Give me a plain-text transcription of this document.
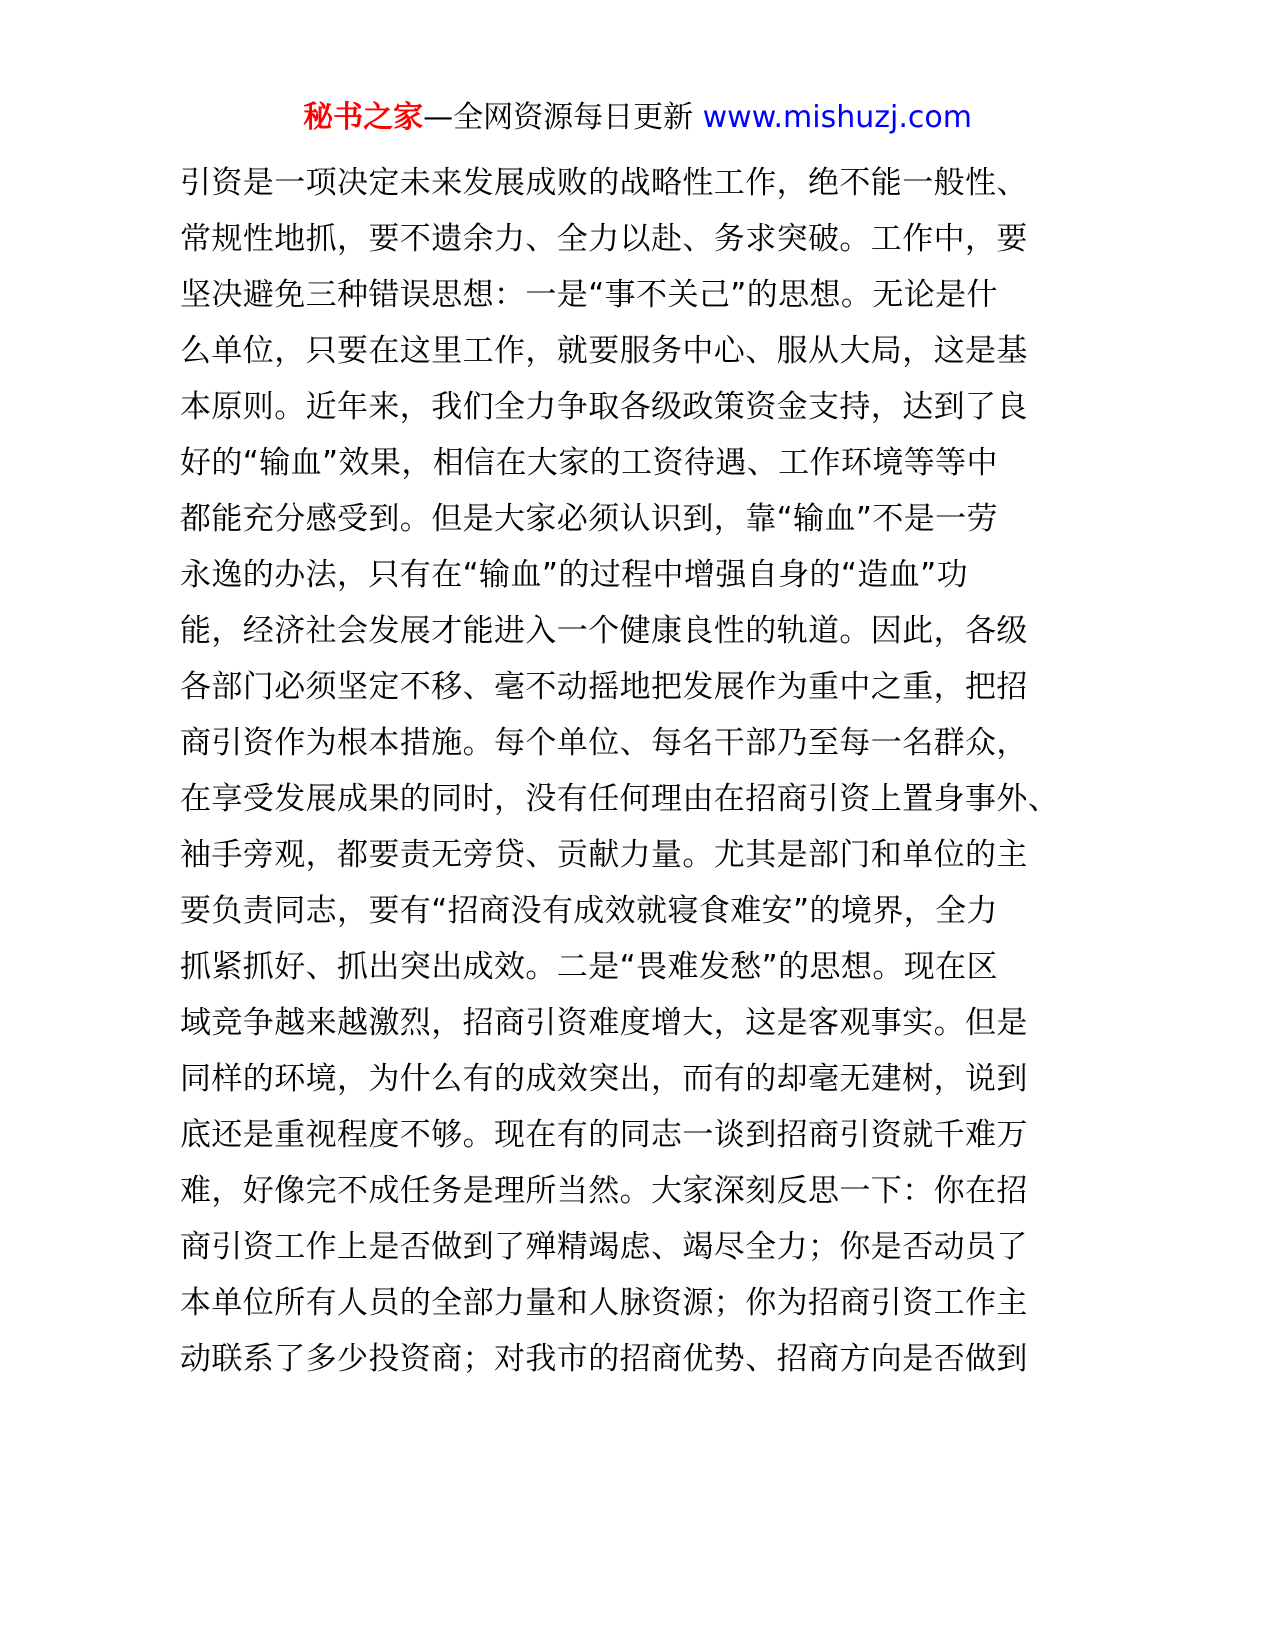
秘书之家—全网资源每日更新 www.mishuzj.com
引资是一项决定未来发展成败的战略性工作，绝不能一般性、
常规性地抓，要不遗余力、全力以赴、务求突破。工作中，要
坚决避免三种错误思想：一是“事不关己”的思想。无论是什
么单位，只要在这里工作，就要服务中心、服从大局，这是基
本原则。近年来，我们全力争取各级政策资金支持，达到了良
好的“输血”效果，相信在大家的工资待遇、工作环境等等中
都能充分感受到。但是大家必须认识到，靠“输血”不是一劳
永逸的办法，只有在“输血”的过程中增强自身的“造血”功
能，经济社会发展才能进入一个健康良性的轨道。因此，各级
各部门必须坚定不移、毫不动摇地把发展作为重中之重，把招
商引资作为根本措施。每个单位、每名干部乃至每一名群众，
在享受发展成果的同时，没有任何理由在招商引资上置身事外、
袖手旁观，都要责无旁贷、贡献力量。尤其是部门和单位的主
要负责同志，要有“招商没有成效就寝食难安”的境界，全力
抓紧抓好、抓出突出成效。二是“畏难发愁”的思想。现在区
域竞争越来越激烈，招商引资难度增大，这是客观事实。但是
同样的环境，为什么有的成效突出，而有的却毫无建树，说到
底还是重视程度不够。现在有的同志一谈到招商引资就千难万
难，好像完不成任务是理所当然。大家深刻反思一下：你在招
商引资工作上是否做到了殚精竭虑、竭尽全力；你是否动员了
本单位所有人员的全部力量和人脉资源；你为招商引资工作主
动联系了多少投资商；对我市的招商优势、招商方向是否做到
